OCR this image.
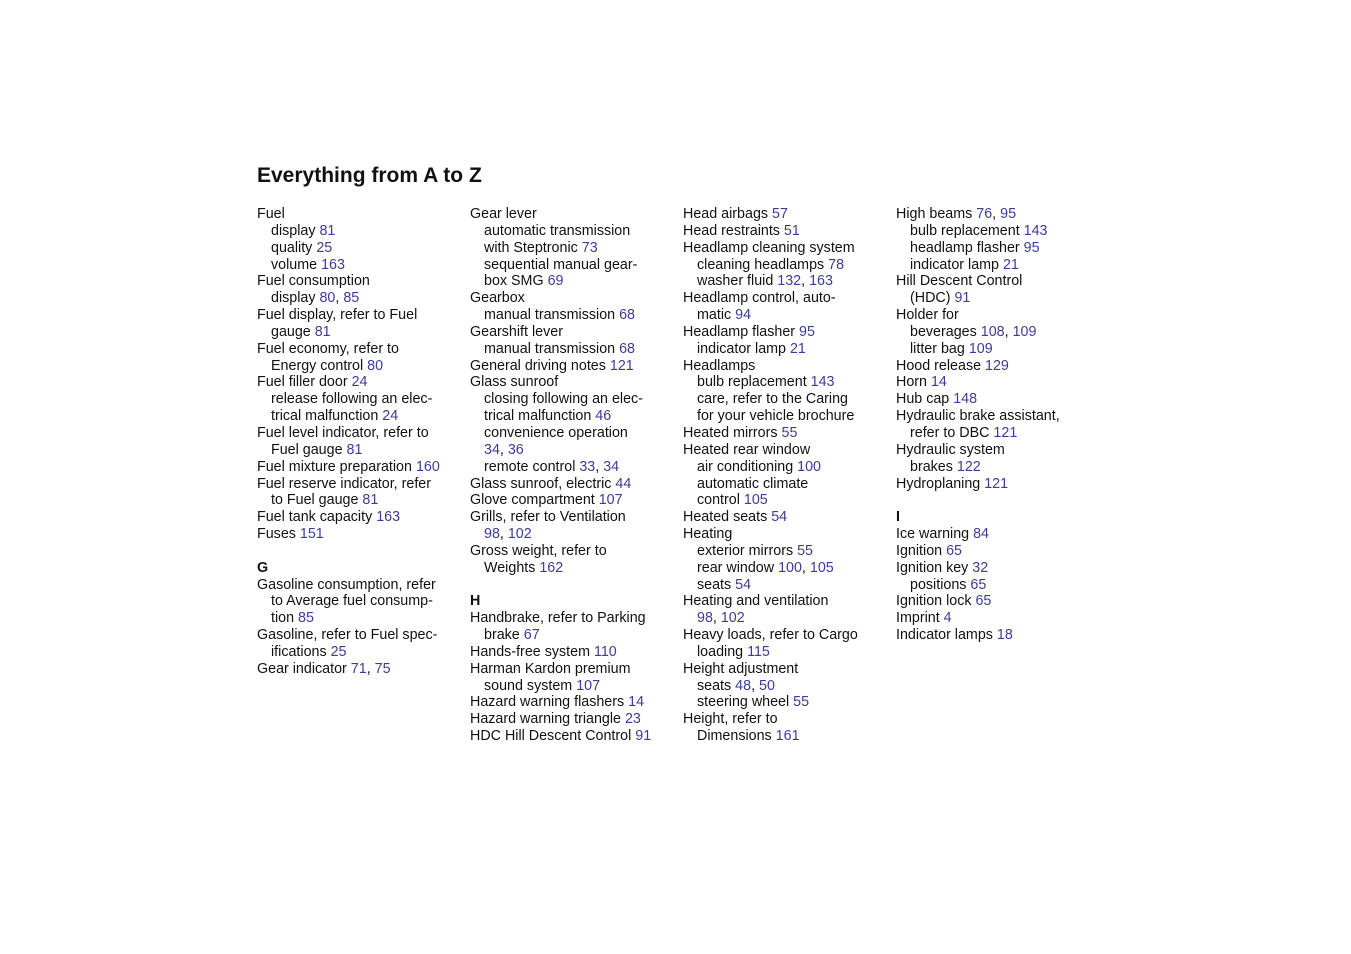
Everything from A to Z
Fuel
display 81
quality 25
volume 163
Fuel consumption
display 80, 85
Fuel display, refer to Fuel
gauge 81
Fuel economy, refer to
Energy control 80
Fuel filler door 24
release following an elec-
trical malfunction 24
Fuel level indicator, refer to
Fuel gauge 81
Fuel mixture preparation 160
Fuel reserve indicator, refer
to Fuel gauge 81
Fuel tank capacity 163
Fuses 151
G
Gasoline consumption, refer
to Average fuel consump-
tion 85
Gasoline, refer to Fuel spec-
ifications 25
Gear indicator 71, 75
Gear lever
automatic transmission
with Steptronic 73
sequential manual gear-
box SMG 69
Gearbox
manual transmission 68
Gearshift lever
manual transmission 68
General driving notes 121
Glass sunroof
closing following an elec-
trical malfunction 46
convenience operation
34, 36
remote control 33, 34
Glass sunroof, electric 44
Glove compartment 107
Grills, refer to Ventilation
98, 102
Gross weight, refer to
Weights 162
H
Handbrake, refer to Parking
brake 67
Hands-free system 110
Harman Kardon premium
sound system 107
Hazard warning flashers 14
Hazard warning triangle 23
HDC Hill Descent Control 91
Head airbags 57
Head restraints 51
Headlamp cleaning system
cleaning headlamps 78
washer fluid 132, 163
Headlamp control, auto-
matic 94
Headlamp flasher 95
indicator lamp 21
Headlamps
bulb replacement 143
care, refer to the Caring
for your vehicle brochure
Heated mirrors 55
Heated rear window
air conditioning 100
automatic climate
control 105
Heated seats 54
Heating
exterior mirrors 55
rear window 100, 105
seats 54
Heating and ventilation
98, 102
Heavy loads, refer to Cargo
loading 115
Height adjustment
seats 48, 50
steering wheel 55
Height, refer to
Dimensions 161
High beams 76, 95
bulb replacement 143
headlamp flasher 95
indicator lamp 21
Hill Descent Control
(HDC) 91
Holder for
beverages 108, 109
litter bag 109
Hood release 129
Horn 14
Hub cap 148
Hydraulic brake assistant,
refer to DBC 121
Hydraulic system
brakes 122
Hydroplaning 121
I
Ice warning 84
Ignition 65
Ignition key 32
positions 65
Ignition lock 65
Imprint 4
Indicator lamps 18
